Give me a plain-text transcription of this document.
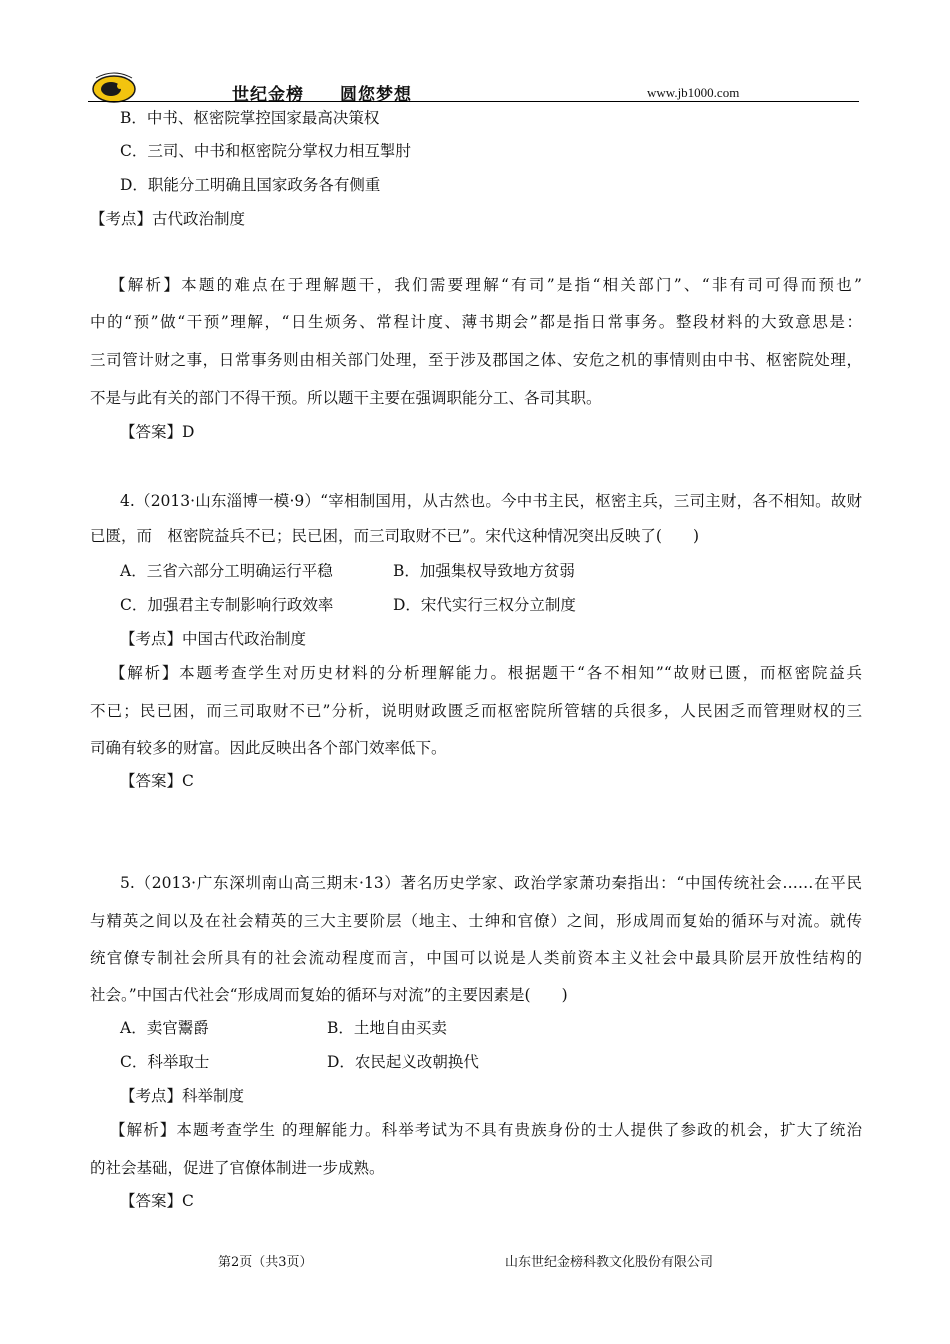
世纪金榜　　圆您梦想	www.jb1000.com
B．中书、枢密院掌控国家最高决策权
C．三司、中书和枢密院分掌权力相互掣肘
D．职能分工明确且国家政务各有侧重
【考点】古代政治制度
【解析】本题的难点在于理解题干，我们需要理解“有司”是指“相关部门”、“非有司可得而预也”
中的“预”做“干预”理解，“日生烦务、常程计度、薄书期会”都是指日常事务。整段材料的大致意思是：
三司管计财之事，日常事务则由相关部门处理，至于涉及郡国之体、安危之机的事情则由中书、枢密院处理，
不是与此有关的部门不得干预。所以题干主要在强调职能分工、各司其职。
【答案】D
4.（2013·山东淄博一模·9）“宰相制国用，从古然也。今中书主民，枢密主兵，三司主财，各不相知。故财
已匮，而　枢密院益兵不已；民已困，而三司取财不已”。宋代这种情况突出反映了(　　)
A．三省六部分工明确运行平稳	B．加强集权导致地方贫弱
C．加强君主专制影响行政效率	D．宋代实行三权分立制度
【考点】中国古代政治制度
【解析】本题考查学生对历史材料的分析理解能力。根据题干“各不相知”“故财已匮，而枢密院益兵
不已；民已困，而三司取财不已”分析，说明财政匮乏而枢密院所管辖的兵很多，人民困乏而管理财权的三
司确有较多的财富。因此反映出各个部门效率低下。
【答案】C
5.（2013·广东深圳南山高三期末·13）著名历史学家、政治学家萧功秦指出：“中国传统社会……在平民
与精英之间以及在社会精英的三大主要阶层（地主、士绅和官僚）之间，形成周而复始的循环与对流。就传
统官僚专制社会所具有的社会流动程度而言，中国可以说是人类前资本主义社会中最具阶层开放性结构的
社会。”中国古代社会“形成周而复始的循环与对流”的主要因素是(　　)
A．卖官鬻爵	B．土地自由买卖
C．科举取士	D．农民起义改朝换代
【考点】科举制度
【解析】本题考查学生 的理解能力。科举考试为不具有贵族身份的士人提供了参政的机会，扩大了统治
的社会基础，促进了官僚体制进一步成熟。
【答案】C
第2页（共3页）	山东世纪金榜科教文化股份有限公司
